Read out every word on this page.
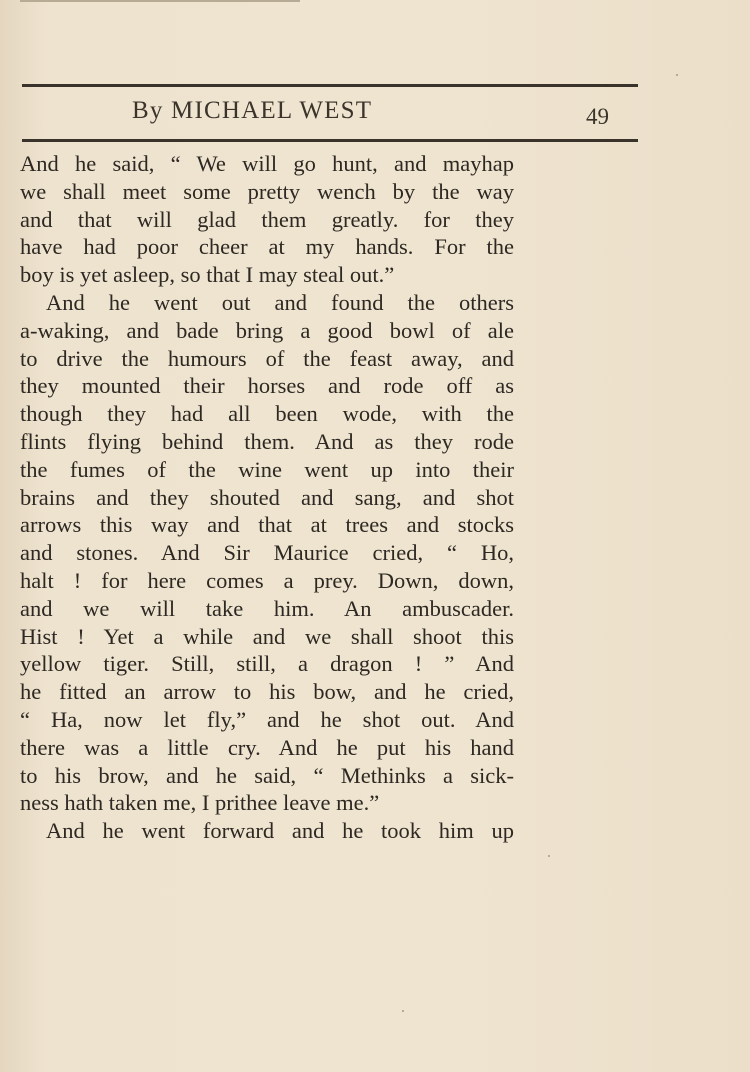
By MICHAEL WEST	49
And he said, “ We will go hunt, and mayhap
we shall meet some pretty wench by the way
and that will glad them greatly. for they
have had poor cheer at my hands. For the
boy is yet asleep, so that I may steal out.”
And he went out and found the others
a-waking, and bade bring a good bowl of ale
to drive the humours of the feast away, and
they mounted their horses and rode off as
though they had all been wode, with the
flints flying behind them. And as they rode
the fumes of the wine went up into their
brains and they shouted and sang, and shot
arrows this way and that at trees and stocks
and stones. And Sir Maurice cried, “ Ho,
halt ! for here comes a prey. Down, down,
and we will take him. An ambuscader.
Hist ! Yet a while and we shall shoot this
yellow tiger. Still, still, a dragon ! ” And
he fitted an arrow to his bow, and he cried,
“ Ha, now let fly,” and he shot out. And
there was a little cry. And he put his hand
to his brow, and he said, “ Methinks a sick-
ness hath taken me, I prithee leave me.”
And he went forward and he took him up
